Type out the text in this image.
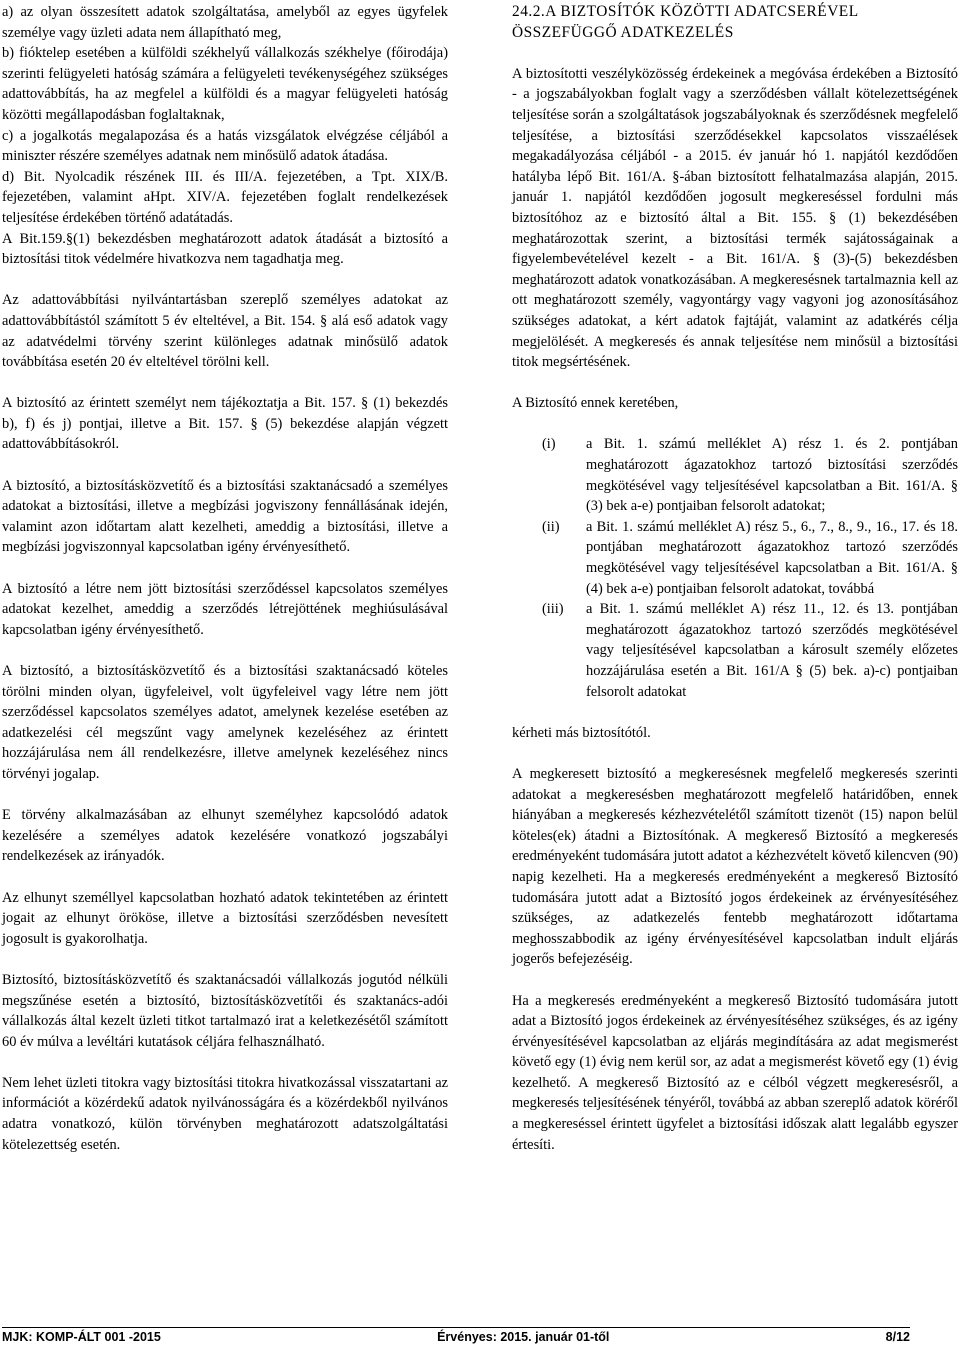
a) az olyan összesített adatok szolgáltatása, amelyből az egyes ügyfelek személye vagy üzleti adata nem állapítható meg,

b) fióktelep esetében a külföldi székhelyű vállalkozás székhelye (főirodája) szerinti felügyeleti hatóság számára a felügyeleti tevékenységéhez szükséges adattovábbítás, ha az megfelel a külföldi és a magyar felügyeleti hatóság közötti megállapodásban foglaltaknak,

c) a jogalkotás megalapozása és a hatás vizsgálatok elvégzése céljából a miniszter részére személyes adatnak nem minősülő adatok átadása.

d) Bit. Nyolcadik részének III. és III/A. fejezetében, a Tpt. XIX/B. fejezetében, valamint aHpt. XIV/A. fejezetében foglalt rendelkezések teljesítése érdekében történő adatátadás.

A Bit.159.§(1) bekezdésben meghatározott adatok átadását a biztosító a biztosítási titok védelmére hivatkozva nem tagadhatja meg.

Az adattovábbítási nyilvántartásban szereplő személyes adatokat az adattovábbítástól számított 5 év elteltével, a Bit. 154. § alá eső adatok vagy az adatvédelmi törvény szerint különleges adatnak minősülő adatok továbbítása esetén 20 év elteltével törölni kell.

A biztosító az érintett személyt nem tájékoztatja a Bit. 157. § (1) bekezdés b), f) és j) pontjai, illetve a Bit. 157. § (5) bekezdése alapján végzett adattovábbításokról.

A biztosító, a biztosításközvetítő és a biztosítási szaktanácsadó a személyes adatokat a biztosítási, illetve a megbízási jogviszony fennállásának idején, valamint azon időtartam alatt kezelheti, ameddig a biztosítási, illetve a megbízási jogviszonnyal kapcsolatban igény érvényesíthető.

A biztosító a létre nem jött biztosítási szerződéssel kapcsolatos személyes adatokat kezelhet, ameddig a szerződés létrejöttének meghiúsulásával kapcsolatban igény érvényesíthető.

A biztosító, a biztosításközvetítő és a biztosítási szaktanácsadó köteles törölni minden olyan, ügyfeleivel, volt ügyfeleivel vagy létre nem jött szerződéssel kapcsolatos személyes adatot, amelynek kezelése esetében az adatkezelési cél megszűnt vagy amelynek kezeléséhez az érintett hozzájárulása nem áll rendelkezésre, illetve amelynek kezeléséhez nincs törvényi jogalap.

E törvény alkalmazásában az elhunyt személyhez kapcsolódó adatok kezelésére a személyes adatok kezelésére vonatkozó jogszabályi rendelkezések az irányadók.

Az elhunyt személlyel kapcsolatban hozható adatok tekintetében az érintett jogait az elhunyt örököse, illetve a biztosítási szerződésben nevesített jogosult is gyakorolhatja.

Biztosító, biztosításközvetítő és szaktanácsadói vállalkozás jogutód nélküli megszűnése esetén a biztosító, biztosításközvetítői és szaktanács-adói vállalkozás által kezelt üzleti titkot tartalmazó irat a keletkezésétől számított 60 év múlva a levéltári kutatások céljára felhasználható.

Nem lehet üzleti titokra vagy biztosítási titokra hivatkozással visszatartani az információt a közérdekű adatok nyilvánosságára és a közérdekből nyilvános adatra vonatkozó, külön törvényben meghatározott adatszolgáltatási kötelezettség esetén.

24.2.A BIZTOSÍTÓK KÖZÖTTI ADATCSERÉVEL ÖSSZEFÜGGŐ ADATKEZELÉS

A biztosítotti veszélyközösség érdekeinek a megóvása érdekében a Biztosító - a jogszabályokban foglalt vagy a szerződésben vállalt kötelezettségének teljesítése során a szolgáltatások jogszabályoknak és szerződésnek megfelelő teljesítése, a biztosítási szerződésekkel kapcsolatos visszaélések megakadályozása céljából - a 2015. év január hó 1. napjától kezdődően hatályba lépő Bit. 161/A. §-ában biztosított felhatalmazása alapján, 2015. január 1. napjától kezdődően jogosult megkereséssel fordulni más biztosítóhoz az e biztosító által a Bit. 155. § (1) bekezdésében meghatározottak szerint, a biztosítási termék sajátosságainak a figyelembevételével kezelt - a Bit. 161/A. § (3)-(5) bekezdésben meghatározott adatok vonatkozásában. A megkeresésnek tartalmaznia kell az ott meghatározott személy, vagyontárgy vagy vagyoni jog azonosításához szükséges adatokat, a kért adatok fajtáját, valamint az adatkérés célja megjelölését. A megkeresés és annak teljesítése nem minősül a biztosítási titok megsértésének.

A Biztosító ennek keretében,

(i)	a Bit. 1. számú melléklet A) rész 1. és 2. pontjában meghatározott ágazatokhoz tartozó biztosítási szerződés megkötésével vagy teljesítésével kapcsolatban a Bit. 161/A. § (3) bek a-e) pontjaiban felsorolt adatokat;
(ii)	a Bit. 1. számú melléklet A) rész 5., 6., 7., 8., 9., 16., 17. és 18. pontjában meghatározott ágazatokhoz tartozó szerződés megkötésével vagy teljesítésével kapcsolatban a Bit. 161/A. § (4) bek a-e) pontjaiban felsorolt adatokat, továbbá
(iii)	a Bit. 1. számú melléklet A) rész 11., 12. és 13. pontjában meghatározott ágazatokhoz tartozó szerződés megkötésével vagy teljesítésével kapcsolatban a károsult személy előzetes hozzájárulása esetén a Bit. 161/A § (5) bek. a)-c) pontjaiban felsorolt adatokat

kérheti más biztosítótól.

A megkeresett biztosító a megkeresésnek megfelelő megkeresés szerinti adatokat a megkeresésben meghatározott megfelelő határidőben, ennek hiányában a megkeresés kézhezvételétől számított tizenöt (15) napon belül köteles(ek) átadni a Biztosítónak. A megkereső Biztosító a megkeresés eredményeként tudomására jutott adatot a kézhezvételt követő kilencven (90) napig kezelheti. Ha a megkeresés eredményeként a megkereső Biztosító tudomására jutott adat a Biztosító jogos érdekeinek az érvényesítéséhez szükséges, az adatkezelés fentebb meghatározott időtartama meghosszabbodik az igény érvényesítésével kapcsolatban indult eljárás jogerős befejezéséig.

Ha a megkeresés eredményeként a megkereső Biztosító tudomására jutott adat a Biztosító jogos érdekeinek az érvényesítéséhez szükséges, és az igény érvényesítésével kapcsolatban az eljárás megindítására az adat megismerést követő egy (1) évig nem kerül sor, az adat a megismerést követő egy (1) évig kezelhető. A megkereső Biztosító az e célból végzett megkeresésről, a megkeresés teljesítésének tényéről, továbbá az abban szereplő adatok köréről a megkereséssel érintett ügyfelet a biztosítási időszak alatt legalább egyszer értesíti.

MJK: KOMP-ÁLT 001 -2015	Érvényes: 2015. január 01-től	8/12
